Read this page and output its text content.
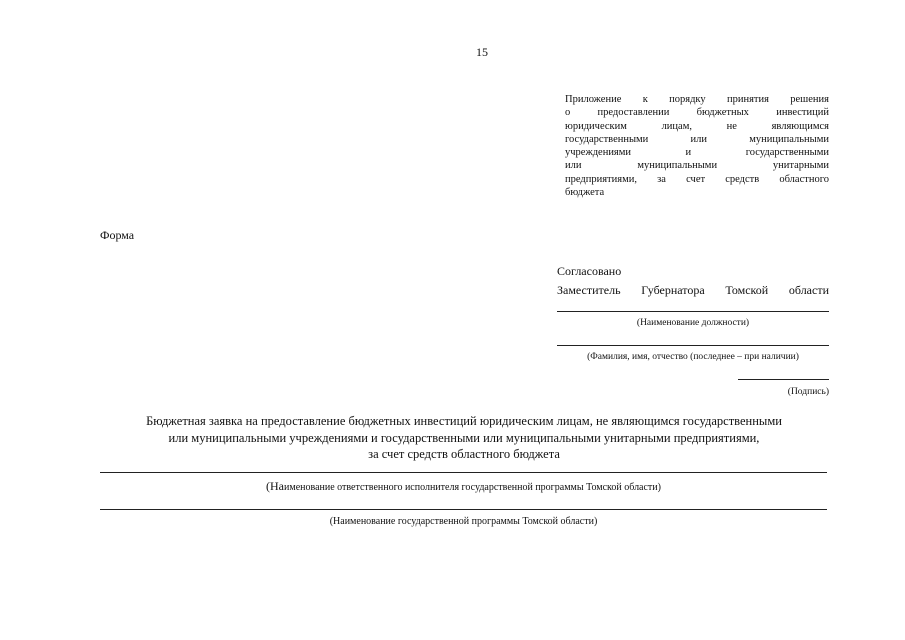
15
Приложение к порядку принятия решения
о предоставлении бюджетных инвестиций
юридическим лицам, не являющимся
государственными или муниципальными
учреждениями и государственными
или муниципальными унитарными
предприятиями, за счет средств областного
бюджета
Форма
Согласовано
Заместитель Губернатора Томской области
(Наименование должности)
(Фамилия, имя, отчество (последнее – при наличии)
(Подпись)
Бюджетная заявка на предоставление бюджетных инвестиций юридическим лицам, не являющимся государственными
или муниципальными учреждениями и государственными или муниципальными унитарными предприятиями,
за счет средств областного бюджета
(Наименование ответственного исполнителя государственной программы Томской области)
(Наименование государственной программы Томской области)
